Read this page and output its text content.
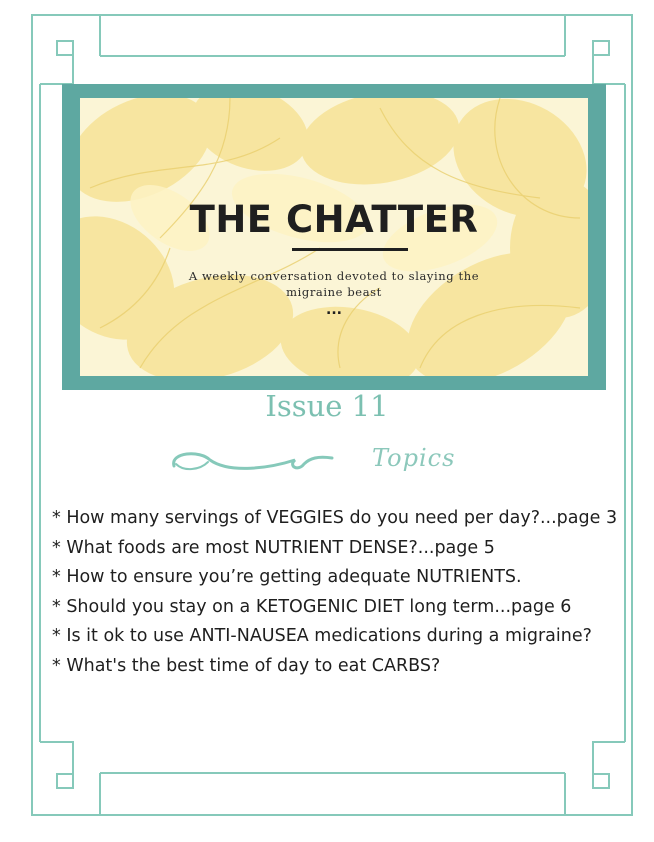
THE CHATTER
A weekly conversation devoted to slaying the migraine beast
...
Issue 11
Topics
* How many servings of VEGGIES do you need per day?...page 3
* What foods are most NUTRIENT DENSE?...page 5
* How to ensure you’re getting adequate NUTRIENTS.
* Should you stay on a KETOGENIC DIET long term...page 6
* Is it ok to use ANTI-NAUSEA medications during a migraine?
* What's the best time of day to eat CARBS?
